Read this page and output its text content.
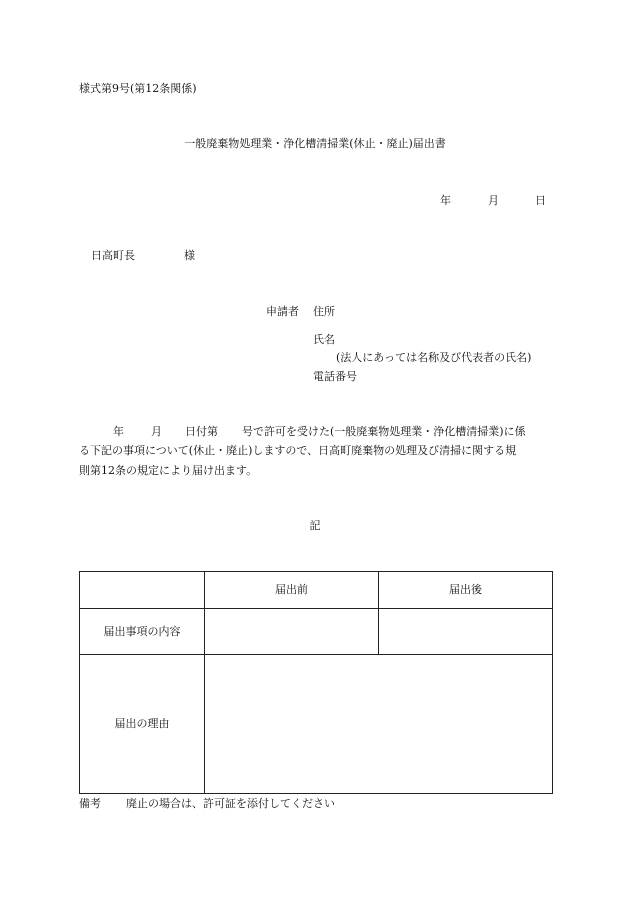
様式第9号(第12条関係)
一般廃棄物処理業・浄化槽清掃業(休止・廃止)届出書
年	月	日
日高町長	様
申請者 住所
氏名
(法人にあっては名称及び代表者の氏名)
電話番号
年 月 日付第 号で許可を受けた(一般廃棄物処理業・浄化槽清掃業)に係
る下記の事項について(休止・廃止)しますので、日高町廃棄物の処理及び清掃に関する規
則第12条の規定により届け出ます。
記
	届出前	届出後
届出事項の内容		
届出の理由		
備考 廃止の場合は、許可証を添付してください
